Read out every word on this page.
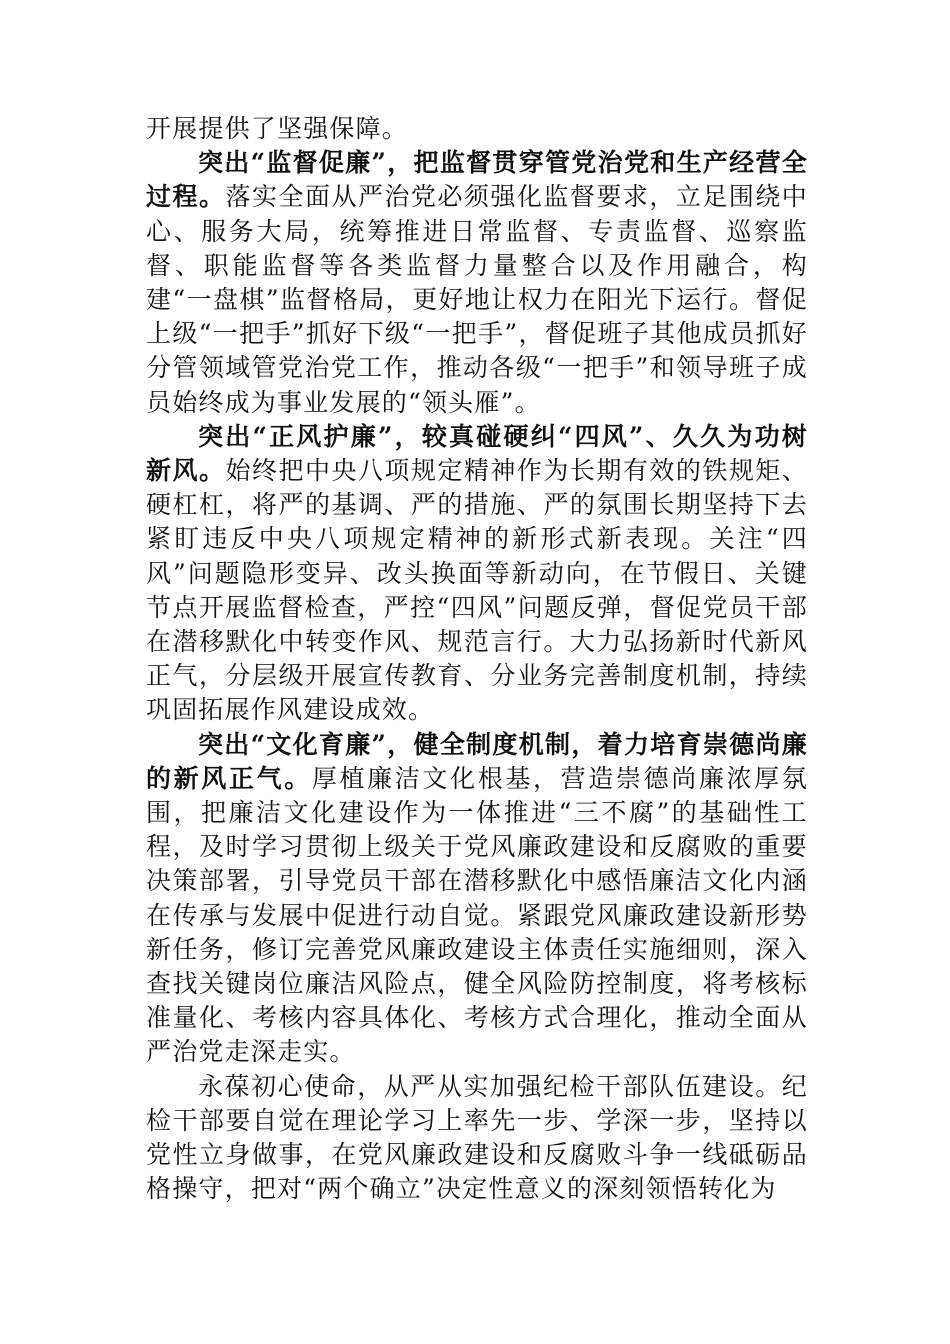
开展提供了坚强保障。

突出“监督促廉”，把监督贯穿管党治党和生产经营全过程。落实全面从严治党必须强化监督要求，立足围绕中心、服务大局，统筹推进日常监督、专责监督、巡察监督、职能监督等各类监督力量整合以及作用融合，构建“一盘棋”监督格局，更好地让权力在阳光下运行。督促上级“一把手”抓好下级“一把手”，督促班子其他成员抓好分管领域管党治党工作，推动各级“一把手”和领导班子成员始终成为事业发展的“领头雁”。

突出“正风护廉”，较真碰硬纠“四风”、久久为功树新风。始终把中央八项规定精神作为长期有效的铁规矩、硬杠杠，将严的基调、严的措施、严的氛围长期坚持下去紧盯违反中央八项规定精神的新形式新表现。关注“四风”问题隐形变异、改头换面等新动向，在节假日、关键节点开展监督检查，严控“四风”问题反弹，督促党员干部在潜移默化中转变作风、规范言行。大力弘扬新时代新风正气，分层级开展宣传教育、分业务完善制度机制，持续巩固拓展作风建设成效。

突出“文化育廉”，健全制度机制，着力培育崇德尚廉的新风正气。厚植廉洁文化根基，营造崇德尚廉浓厚氛围，把廉洁文化建设作为一体推进“三不腐”的基础性工程，及时学习贯彻上级关于党风廉政建设和反腐败的重要决策部署，引导党员干部在潜移默化中感悟廉洁文化内涵在传承与发展中促进行动自觉。紧跟党风廉政建设新形势新任务，修订完善党风廉政建设主体责任实施细则，深入查找关键岗位廉洁风险点，健全风险防控制度，将考核标准量化、考核内容具体化、考核方式合理化，推动全面从严治党走深走实。

永葆初心使命，从严从实加强纪检干部队伍建设。纪检干部要自觉在理论学习上率先一步、学深一步，坚持以党性立身做事，在党风廉政建设和反腐败斗争一线砥砺品格操守，把对“两个确立”决定性意义的深刻领悟转化为
